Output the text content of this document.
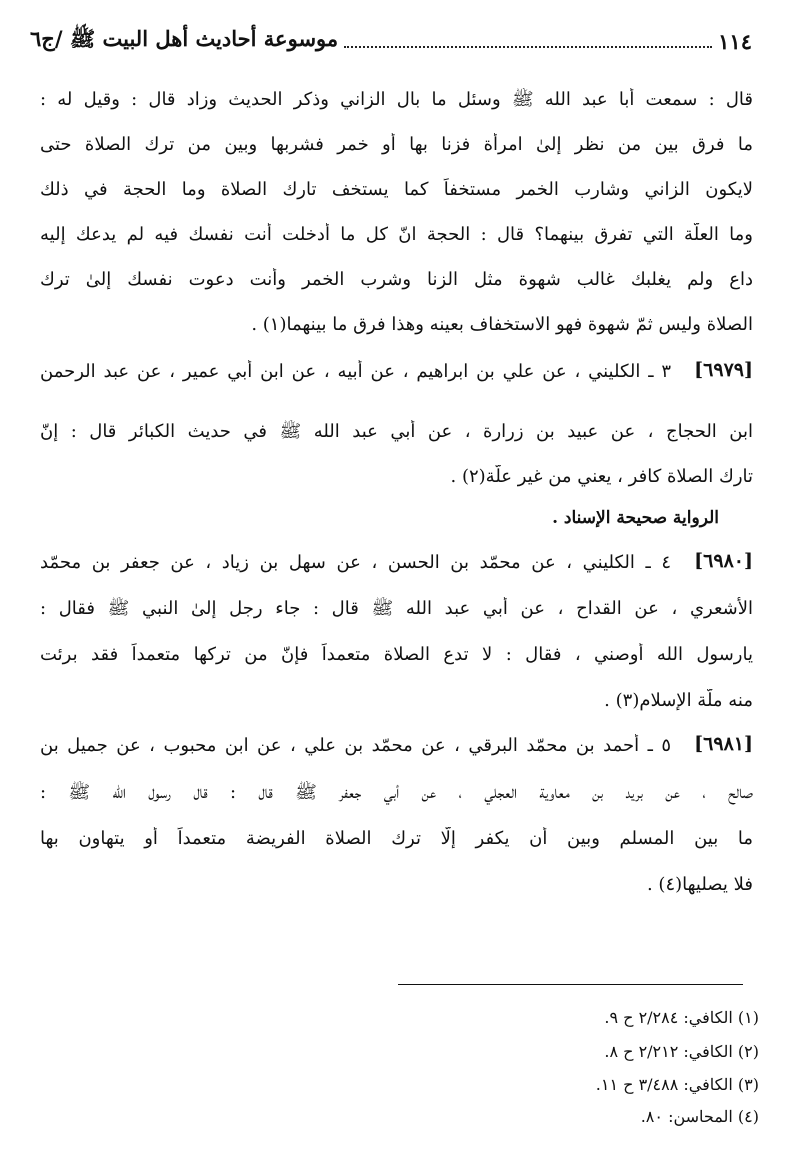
١١٤
موسوعة أحاديث أهل البيت ﷺ /ج٦
قال : سمعت أبا عبد الله ﷺ وسئل ما بال الزاني وذكر الحديث وزاد قال : وقيل له :
ما فرق بين من نظر إلىٰ امرأة فزنا بها أو خمر فشربها وبين من ترك الصلاة حتى
لايكون الزاني وشارب الخمر مستخفاً كما يستخف تارك الصلاة وما الحجة في ذلك
وما العلّة التي تفرق بينهما؟ قال : الحجة انّ كل ما أدخلت أنت نفسك فيه لم يدعك إليه
داع ولم يغلبك غالب شهوة مثل الزنا وشرب الخمر وأنت دعوت نفسك إلىٰ ترك
الصلاة وليس ثمّ شهوة فهو الاستخفاف بعينه وهذا فرق ما بينهما(١) .
[٦٩٧٩]
٣ ـ الكليني ، عن علي بن ابراهيم ، عن أبيه ، عن ابن أبي عمير ، عن عبد الرحمن
ابن الحجاج ، عن عبيد بن زرارة ، عن أبي عبد الله ﷺ في حديث الكبائر قال : إنّ
تارك الصلاة كافر ، يعني من غير علّة(٢) .
الرواية صحيحة الإسناد .
[٦٩٨٠]
٤ ـ الكليني ، عن محمّد بن الحسن ، عن سهل بن زياد ، عن جعفر بن محمّد
الأشعري ، عن القداح ، عن أبي عبد الله ﷺ قال : جاء رجل إلىٰ النبي ﷺ فقال :
يارسول الله أوصني ، فقال : لا تدع الصلاة متعمداً فإنّ من تركها متعمداً فقد برئت
منه ملّة الإسلام(٣) .
[٦٩٨١]
٥ ـ أحمد بن محمّد البرقي ، عن محمّد بن علي ، عن ابن محبوب ، عن جميل بن
صالح ، عن بريد بن معاوية العجلي ، عن أبي جعفر ﷺ قال : قال رسول الله ﷺ :
ما بين المسلم وبين أن يكفر إلّا ترك الصلاة الفريضة متعمداً أو يتهاون بها
فلا يصليها(٤) .
(١) الكافي: ٢/٢٨٤ ح ٩.
(٢) الكافي: ٢/٢١٢ ح ٨.
(٣) الكافي: ٣/٤٨٨ ح ١١.
(٤) المحاسن: ٨٠.
